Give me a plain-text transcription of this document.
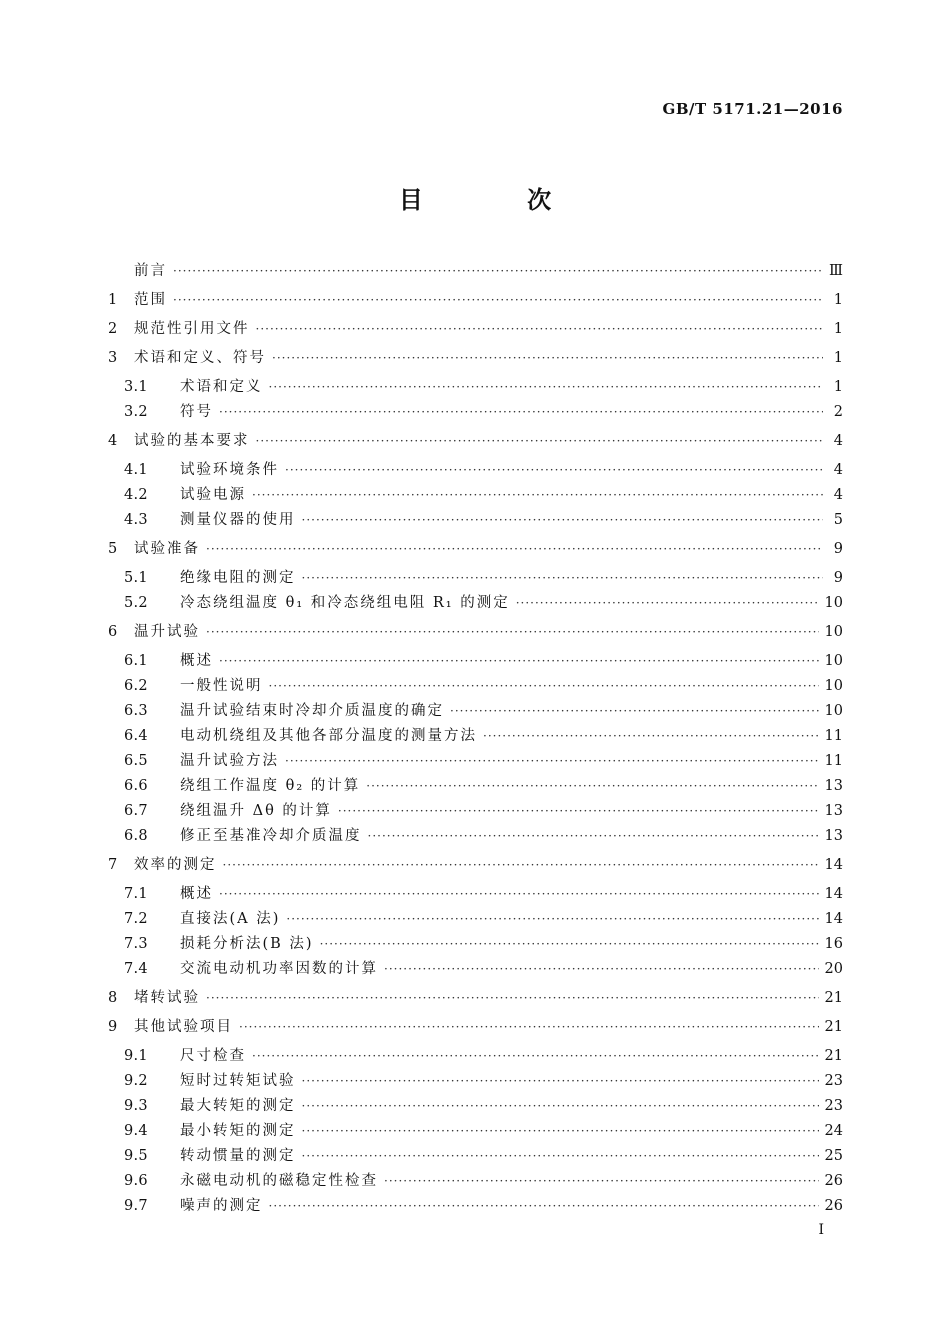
GB/T 5171.21—2016
目 次
前言 ·····	Ⅲ
1	范围 ·····	1
2	规范性引用文件 ·····	1
3	术语和定义、符号 ·····	1
3.1	术语和定义 ·····	1
3.2	符号 ·····	2
4	试验的基本要求 ·····	4
4.1	试验环境条件 ·····	4
4.2	试验电源 ·····	4
4.3	测量仪器的使用 ·····	5
5	试验准备 ·····	9
5.1	绝缘电阻的测定 ·····	9
5.2	冷态绕组温度 θ₁ 和冷态绕组电阻 R₁ 的测定 ·····	10
6	温升试验 ·····	10
6.1	概述 ·····	10
6.2	一般性说明 ·····	10
6.3	温升试验结束时冷却介质温度的确定 ·····	10
6.4	电动机绕组及其他各部分温度的测量方法 ·····	11
6.5	温升试验方法 ·····	11
6.6	绕组工作温度 θ₂ 的计算 ·····	13
6.7	绕组温升 Δθ 的计算 ·····	13
6.8	修正至基准冷却介质温度 ·····	13
7	效率的测定 ·····	14
7.1	概述 ·····	14
7.2	直接法(A 法) ·····	14
7.3	损耗分析法(B 法) ·····	16
7.4	交流电动机功率因数的计算 ·····	20
8	堵转试验 ·····	21
9	其他试验项目 ·····	21
9.1	尺寸检查 ·····	21
9.2	短时过转矩试验 ·····	23
9.3	最大转矩的测定 ·····	23
9.4	最小转矩的测定 ·····	24
9.5	转动惯量的测定 ·····	25
9.6	永磁电动机的磁稳定性检查 ·····	26
9.7	噪声的测定 ·····	26
I
